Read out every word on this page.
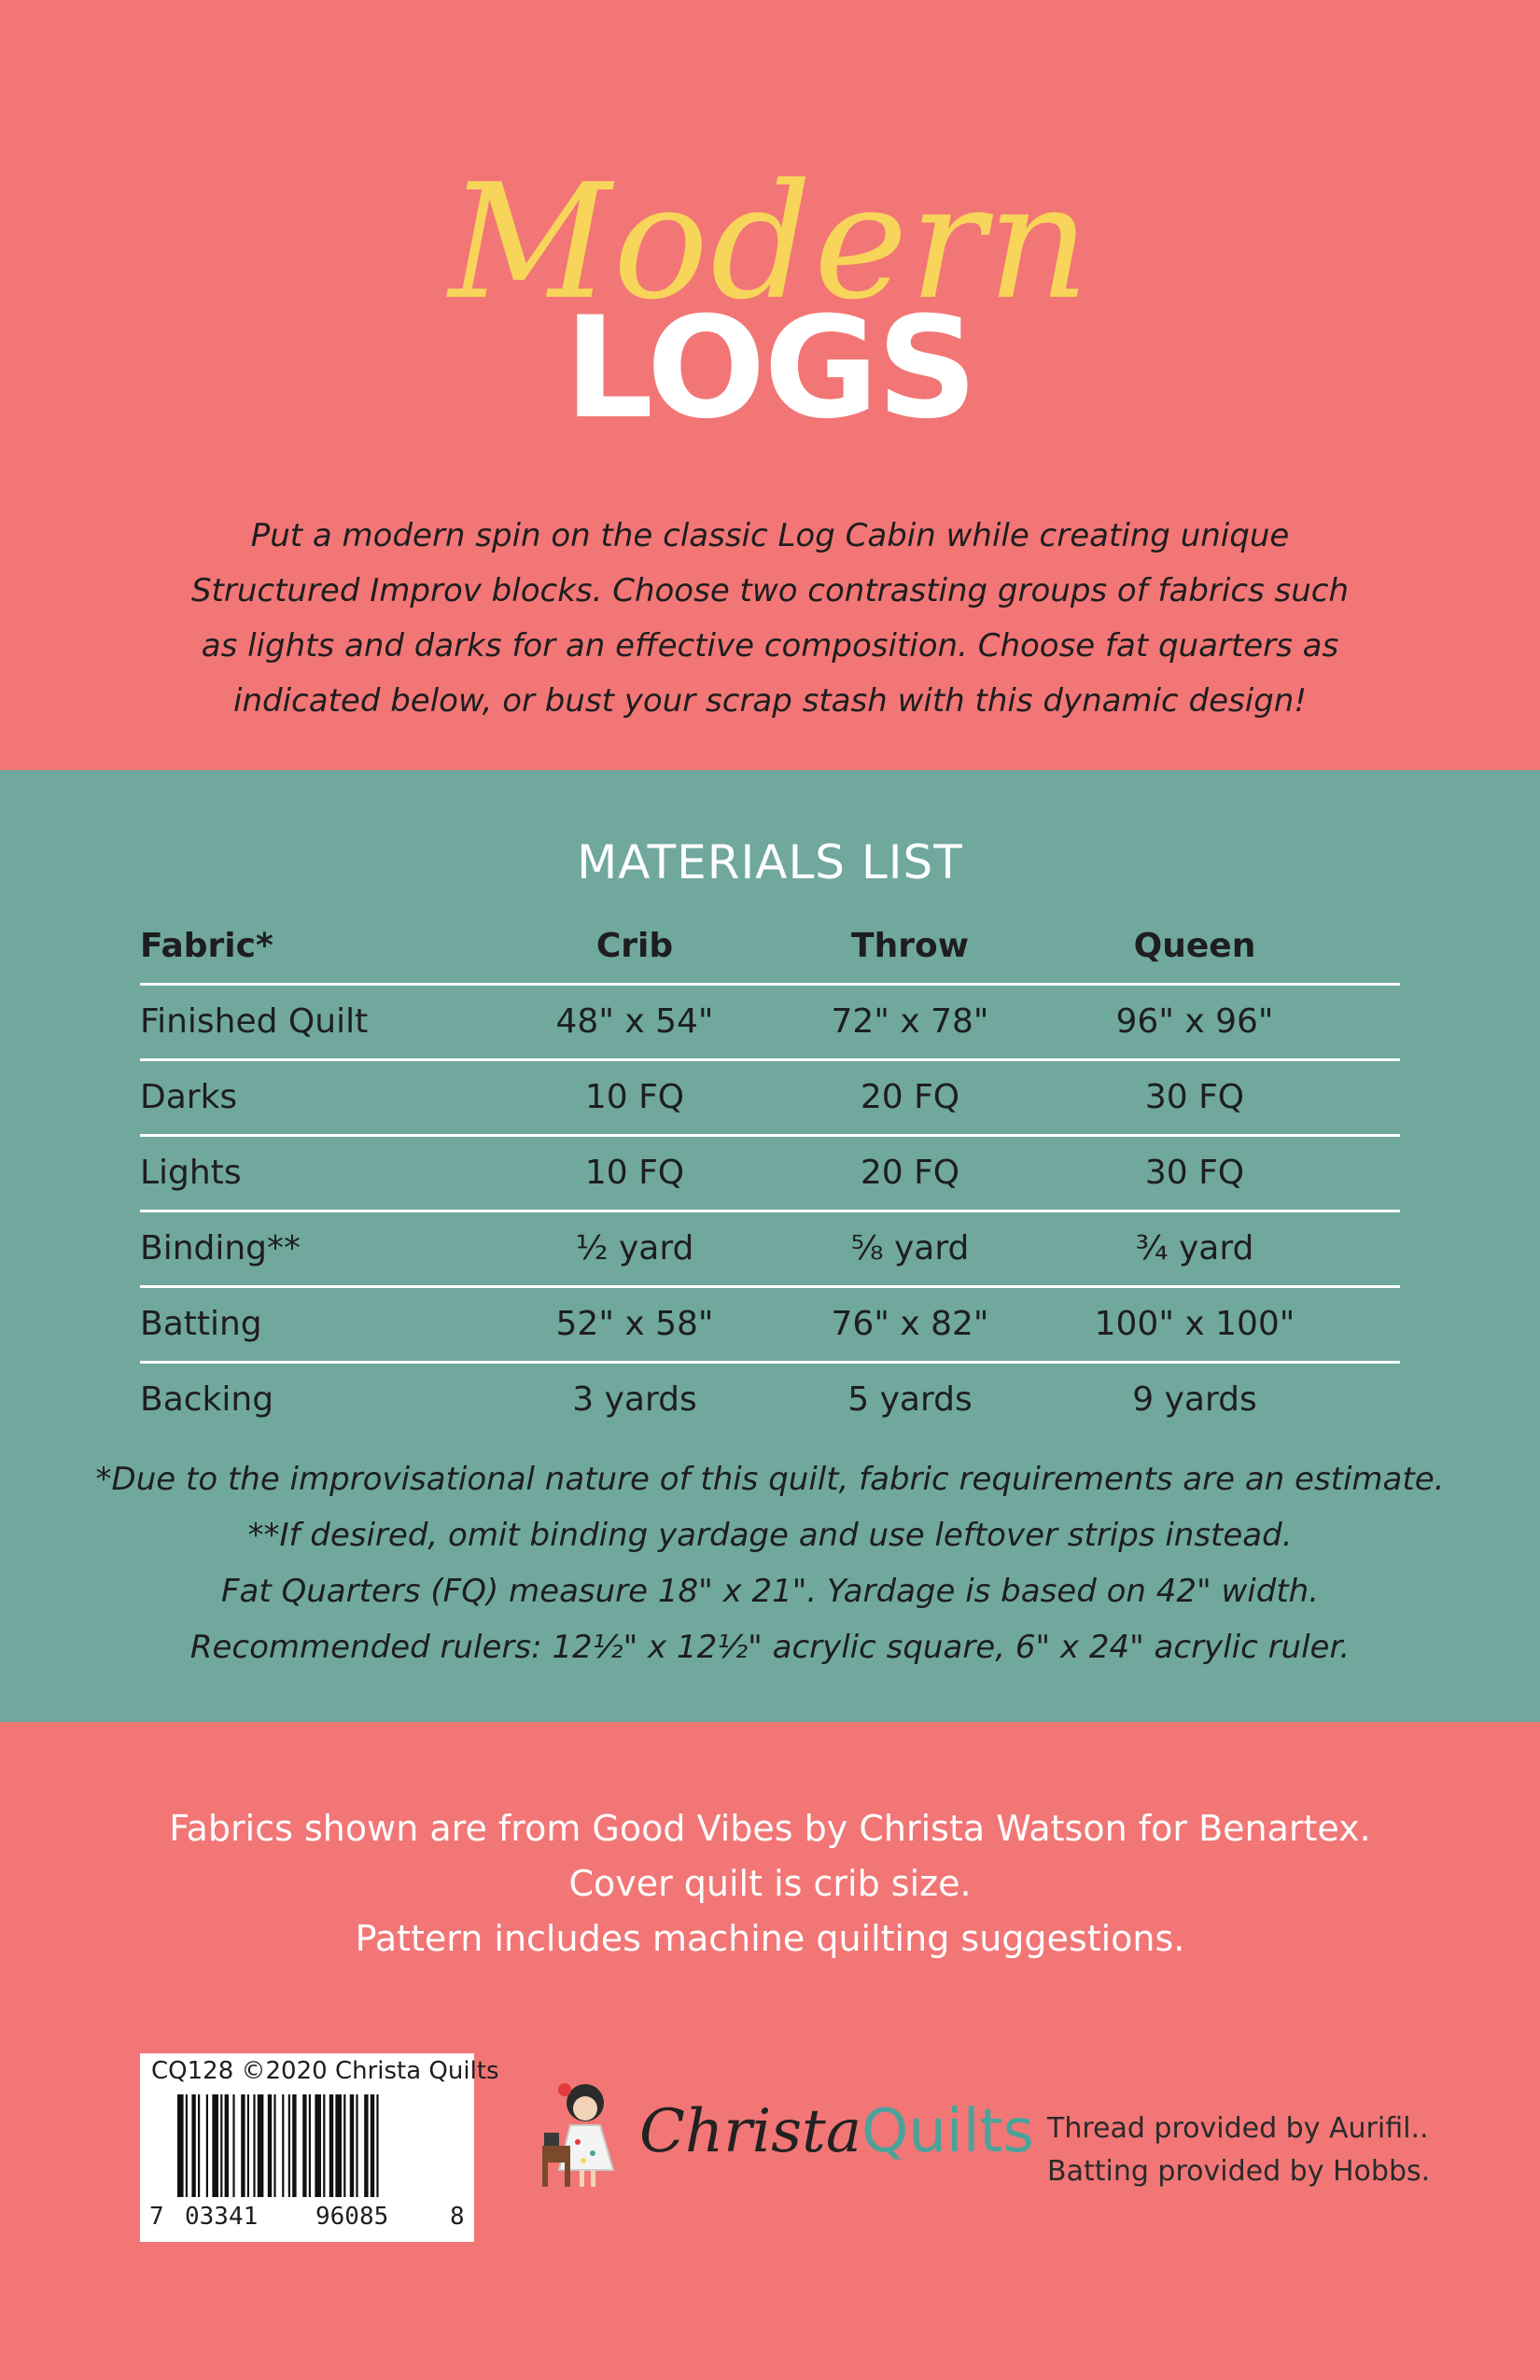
Modern
LOGS
Put a modern spin on the classic Log Cabin while creating unique
Structured Improv blocks. Choose two contrasting groups of fabrics such
as lights and darks for an effective composition. Choose fat quarters as
indicated below, or bust your scrap stash with this dynamic design!
MATERIALS LIST
Fabric*	Crib	Throw	Queen
Finished Quilt	48" x 54"	72" x 78"	96" x 96"
Darks	10 FQ	20 FQ	30 FQ
Lights	10 FQ	20 FQ	30 FQ
Binding**	½ yard	⅝ yard	¾ yard
Batting	52" x 58"	76" x 82"	100" x 100"
Backing	3 yards	5 yards	9 yards
*Due to the improvisational nature of this quilt, fabric requirements are an estimate.
**If desired, omit binding yardage and use leftover strips instead.
Fat Quarters (FQ) measure 18" x 21". Yardage is based on 42" width.
Recommended rulers: 12½" x 12½" acrylic square, 6" x 24" acrylic ruler.
Fabrics shown are from Good Vibes by Christa Watson for Benartex.
Cover quilt is crib size.
Pattern includes machine quilting suggestions.
CQ128 ©2020 Christa Quilts
7 03341 96085	8
ChristaQuilts Thread provided by Aurifil..
Batting provided by Hobbs.
